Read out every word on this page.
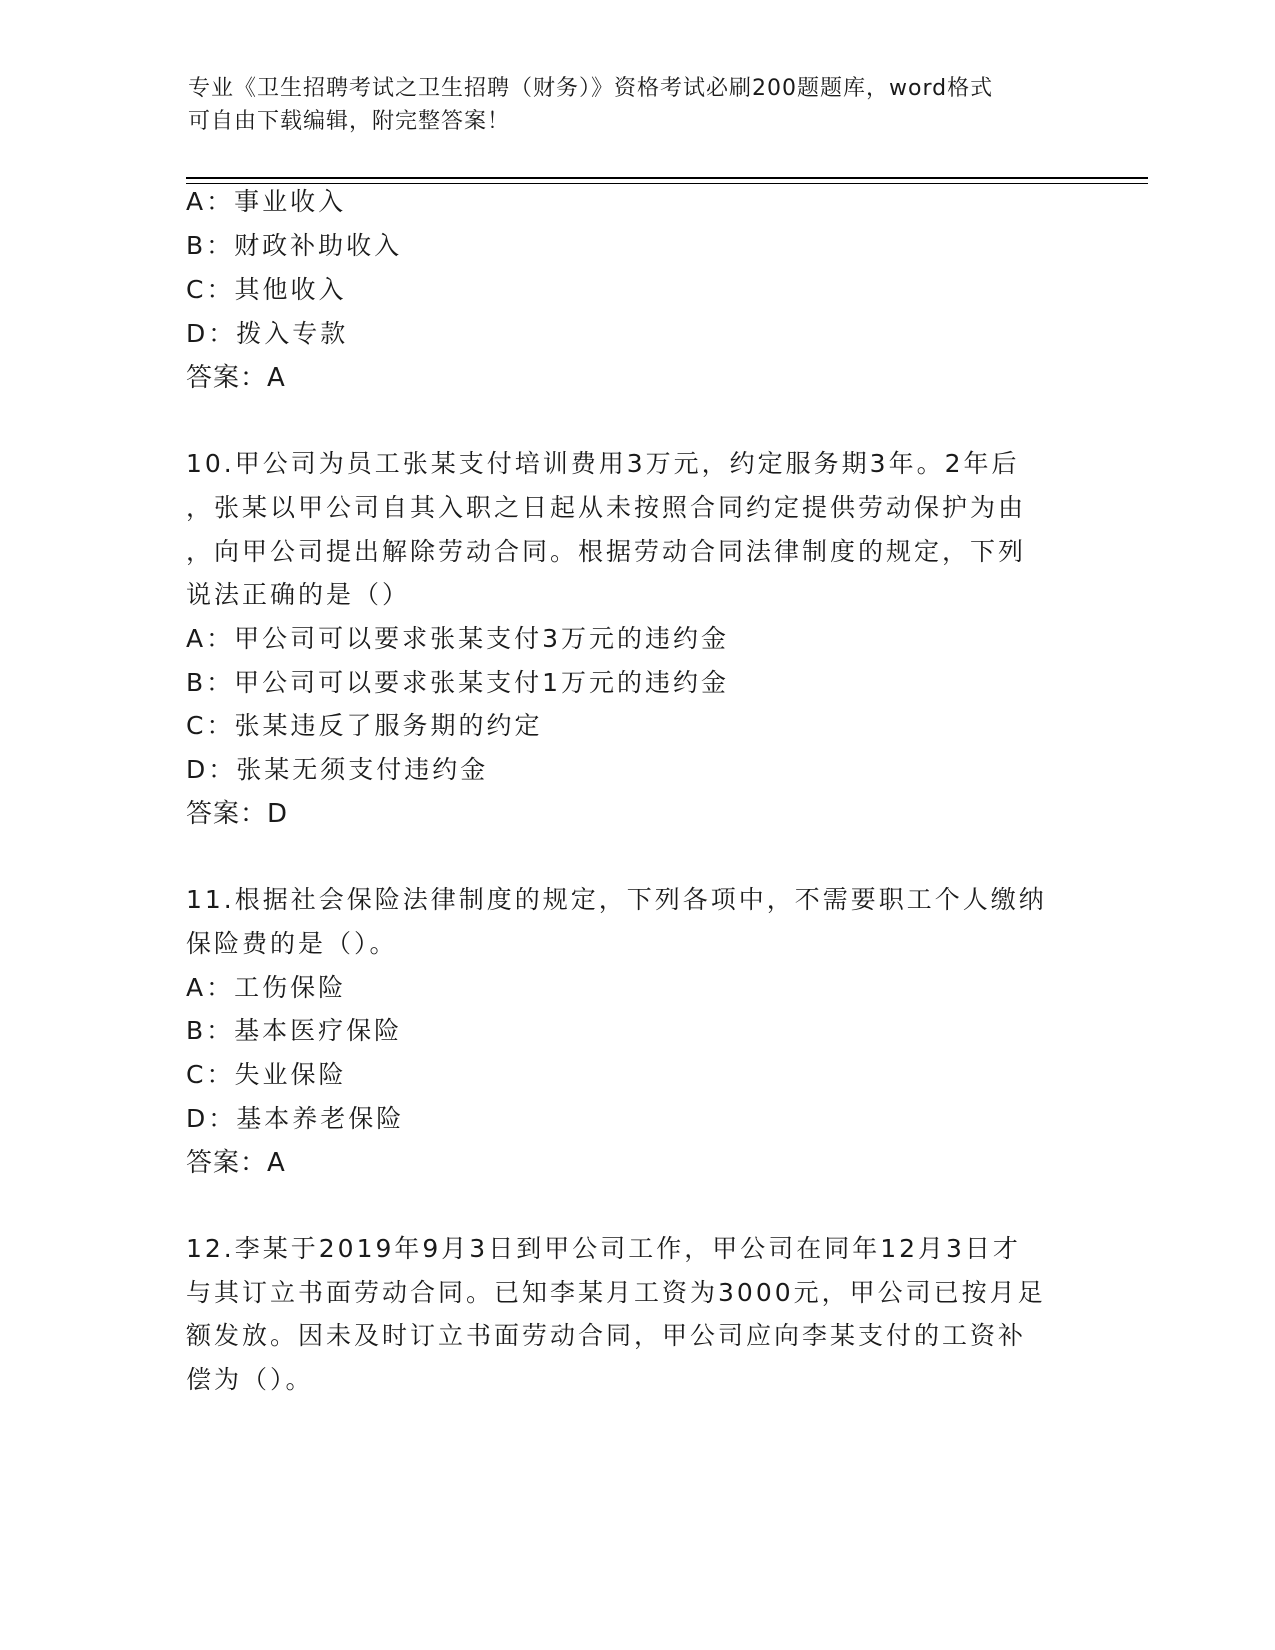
专业《卫生招聘考试之卫生招聘（财务）》资格考试必刷200题题库，word格式
可自由下载编辑，附完整答案！
A：事业收入
B：财政补助收入
C：其他收入
D：拨入专款
答案：A
10.甲公司为员工张某支付培训费用3万元，约定服务期3年。2年后
，张某以甲公司自其入职之日起从未按照合同约定提供劳动保护为由
，向甲公司提出解除劳动合同。根据劳动合同法律制度的规定，下列
说法正确的是（）
A：甲公司可以要求张某支付3万元的违约金
B：甲公司可以要求张某支付1万元的违约金
C：张某违反了服务期的约定
D：张某无须支付违约金
答案：D
11.根据社会保险法律制度的规定，下列各项中，不需要职工个人缴纳
保险费的是（）。
A：工伤保险
B：基本医疗保险
C：失业保险
D：基本养老保险
答案：A
12.李某于2019年9月3日到甲公司工作，甲公司在同年12月3日才
与其订立书面劳动合同。已知李某月工资为3000元，甲公司已按月足
额发放。因未及时订立书面劳动合同，甲公司应向李某支付的工资补
偿为（）。
